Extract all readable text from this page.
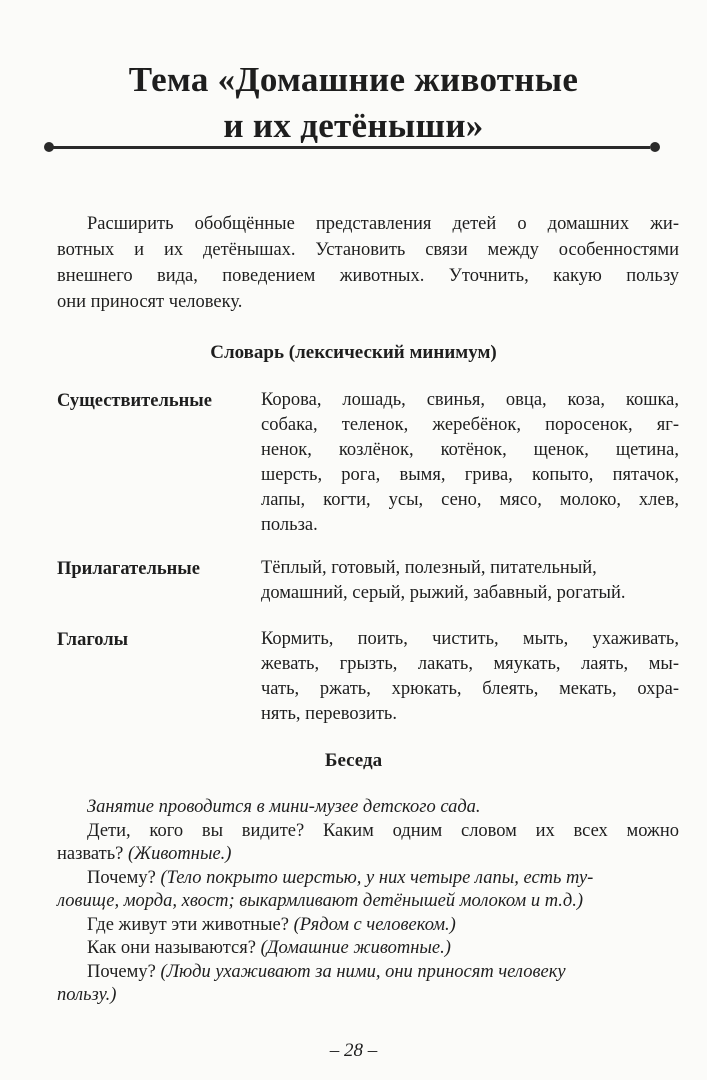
Тема «Домашние животные
и их детёныши»
Расширить обобщённые представления детей о домашних жи-
вотных и их детёнышах. Установить связи между особенностями
внешнего вида, поведением животных. Уточнить, какую пользу
они приносят человеку.
Словарь (лексический минимум)
Существительные	Корова, лошадь, свинья, овца, коза, кошка,
собака, теленок, жеребёнок, поросенок, яг-
ненок, козлёнок, котёнок, щенок, щетина,
шерсть, рога, вымя, грива, копыто, пятачок,
лапы, когти, усы, сено, мясо, молоко, хлев,
польза.
Прилагательные	Тёплый, готовый, полезный, питательный,
домашний, серый, рыжий, забавный, рогатый.
Глаголы	Кормить, поить, чистить, мыть, ухаживать,
жевать, грызть, лакать, мяукать, лаять, мы-
чать, ржать, хрюкать, блеять, мекать, охра-
нять, перевозить.
Беседа
Занятие проводится в мини-музее детского сада.
Дети, кого вы видите? Каким одним словом их всех можно
назвать? (Животные.)
Почему? (Тело покрыто шерстью, у них четыре лапы, есть ту-
ловище, морда, хвост; выкармливают детёнышей молоком и т.д.)
Где живут эти животные? (Рядом с человеком.)
Как они называются? (Домашние животные.)
Почему? (Люди ухаживают за ними, они приносят человеку
пользу.)
– 28 –
